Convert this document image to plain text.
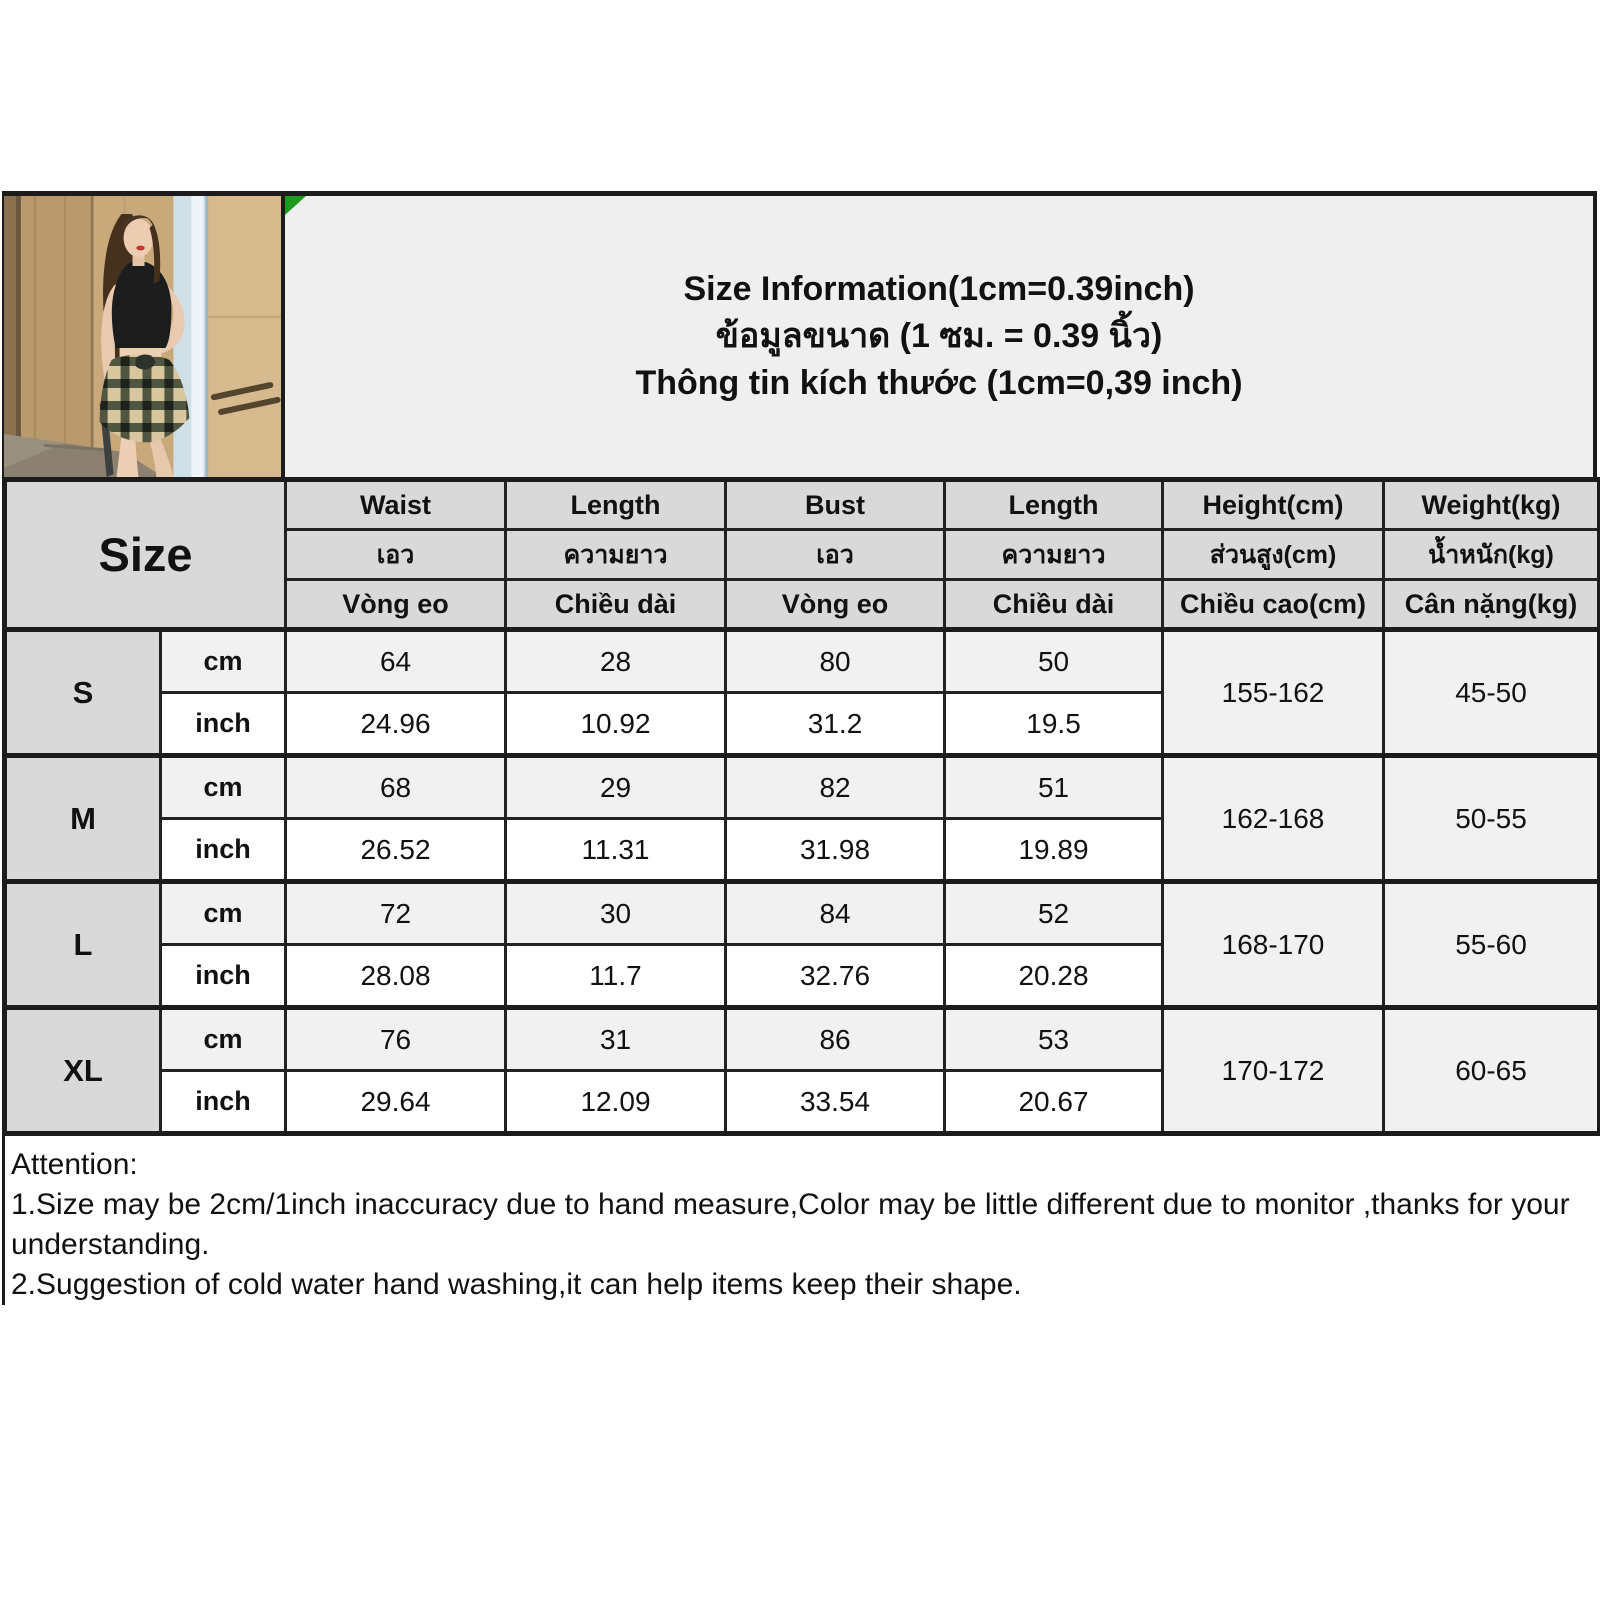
Size Information(1cm=0.39inch)
ข้อมูลขนาด (1 ซม. = 0.39 นิ้ว)
Thông tin kích thước (1cm=0,39 inch)
Size		Waist	Length	Bust	Length	Height(cm)	Weight(kg)
		เอว	ความยาว	เอว	ความยาว	ส่วนสูง(cm)	น้ำหนัก(kg)
		Vòng eo	Chiều dài	Vòng eo	Chiều dài	Chiều cao(cm)	Cân nặng(kg)
S	cm	64	28	80	50	155-162	45-50
	inch	24.96	10.92	31.2	19.5		
M	cm	68	29	82	51	162-168	50-55
	inch	26.52	11.31	31.98	19.89		
L	cm	72	30	84	52	168-170	55-60
	inch	28.08	11.7	32.76	20.28		
XL	cm	76	31	86	53	170-172	60-65
	inch	29.64	12.09	33.54	20.67		
Attention:
1.Size may be 2cm/1inch inaccuracy due to hand measure,Color may be little different due to monitor ,thanks for your
understanding.
2.Suggestion of cold water hand washing,it can help items keep their shape.
